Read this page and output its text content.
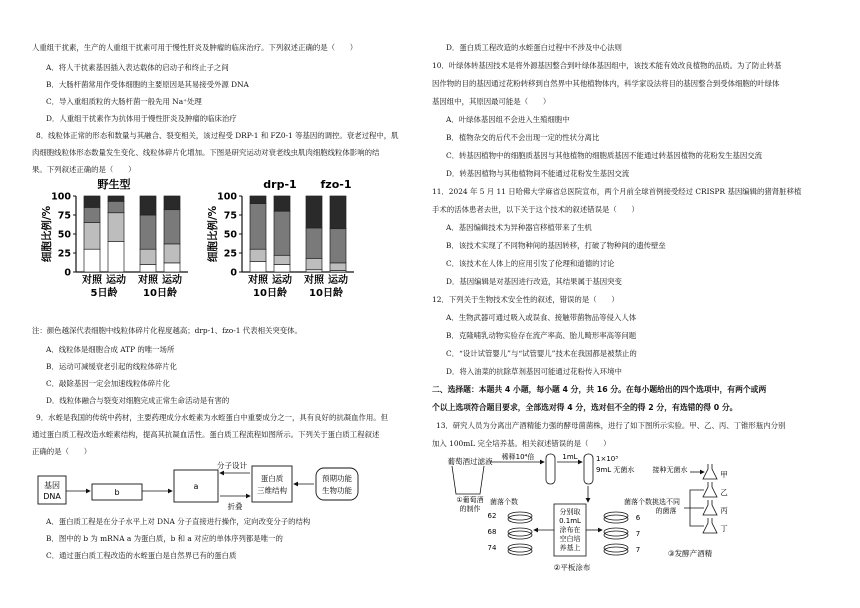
人重组干扰素，生产的人重组干扰素可用于慢性肝炎及肿瘤的临床治疗。下列叙述正确的是（　　）
A．将人干扰素基因插入表达载体的启动子和终止子之间
B．大肠杆菌常用作受体细胞的主要原因是其易接受外源 DNA
C．导入重组质粒的大肠杆菌一般先用 Na⁺处理
D．人重组干扰素作为抗体用于慢性肝炎及肿瘤的临床治疗
8．线粒体正常的形态和数量与其融合、裂变相关，该过程受 DRP-1 和 FZ0-1 等基因的调控。衰老过程中，肌
肉细胞线粒体形态数量发生变化、线粒体碎片化增加。下图是研究运动对衰老线虫肌肉细胞线粒体影响的结
果。下列叙述正确的是（　　）
0
25
50
75
100
细胞比例/%
野生型
对照 运动
5日龄
对照 运动
10日龄
0
25
50
75
100
细胞比例/%
drp-1
对照 运动
10日龄
fzo-1
对照 运动
10日龄
注：颜色越深代表细胞中线粒体碎片化程度越高；drp-1、fzo-1 代表相关突变体。
A．线粒体是细胞合成 ATP 的唯一场所
B．运动可减缓衰老引起的线粒体碎片化
C．敲除基因一定会加速线粒体碎片化
D．线粒体融合与裂变对细胞完成正常生命活动是有害的
9．水蛭是我国的传统中药材，主要药理成分水蛭素为水蛭蛋白中重要成分之一，具有良好的抗凝血作用。但
通过蛋白质工程改造水蛭素结构，提高其抗凝血活性。蛋白质工程流程如图所示。下列关于蛋白质工程叙述
正确的是（　　）
基因
DNA	b
a
分子设计
折叠
蛋白质
三维结构
预期功能
生物功能
A．蛋白质工程是在分子水平上对 DNA 分子直接进行操作，定向改变分子的结构
B．图中的 b 为 mRNA a 为蛋白质，b 和 a 对应的单体序列都是唯一的
C．通过蛋白质工程改造的水蛭蛋白是自然界已有的蛋白质
D．蛋白质工程改造的水蛭蛋白过程中不涉及中心法则
10．叶绿体转基因技术是将外源基因整合到叶绿体基因组中，该技术能有效改良植物的品质。为了防止转基
因作物的目的基因通过花粉转移到自然界中其他植物体内，科学家设法将目的基因整合到受体细胞的叶绿体
基因组中，其原因最可能是（　　）
A．叶绿体基因组不会进入生殖细胞中
B．植物杂交的后代不会出现一定的性状分离比
C．转基因植物中的细胞质基因与其他植物的细胞质基因不能通过转基因植物的花粉发生基因交流
D．转基因植物与其他植物间不能通过花粉发生基因交流
11．2024 年 5 月 11 日哈佛大学麻省总医院宣布，两个月前全球首例接受经过 CRISPR 基因编辑的猪肾脏移植
手术的活体患者去世，以下关于这个技术的叙述错误是（　　）
A．基因编辑技术为异种器官移植带来了生机
B．该技术实现了不同物种间的基因转移，打破了物种间的遗传壁垒
C．该技术在人体上的应用引发了伦理和道德的讨论
D．基因编辑是对基因进行改造，其结果属于基因突变
12．下列关于生物技术安全性的叙述，错误的是（　　）
A．生物武器可通过吸入或误食、接触带菌物品等侵入人体
B．克隆哺乳动物实验存在流产率高、胎儿畸形率高等问题
C．“设计试管婴儿”与“试管婴儿”技术在我国都是被禁止的
D．将入油菜的抗除草剂基因可能通过花粉传入环境中
二、选择题：本题共 4 小题，每小题 4 分，共 16 分。在每小题给出的四个选项中，有两个或两
个以上选项符合题目要求，全部选对得 4 分，选对但不全的得 2 分，有选错的得 0 分。
13．研究人员为分离出产酒精能力强的酵母菌菌株，进行了如下图所示实验。甲、乙、丙、丁锥形瓶内分别
加入 100mL 完全培养基。相关叙述错误的是（　　）
葡萄酒过滤液
①葡萄酒
的制作
稀释10⁴倍	1mL	1×10³
9mL 无菌水
菌落个数
62
68
74
分别取
0.1mL
涂布在
空白培
养基上
菌落个数
6
7
7
②平板涂布
接种无菌水
挑选不同
的菌落
甲
乙
丙
丁
③发酵产酒精
